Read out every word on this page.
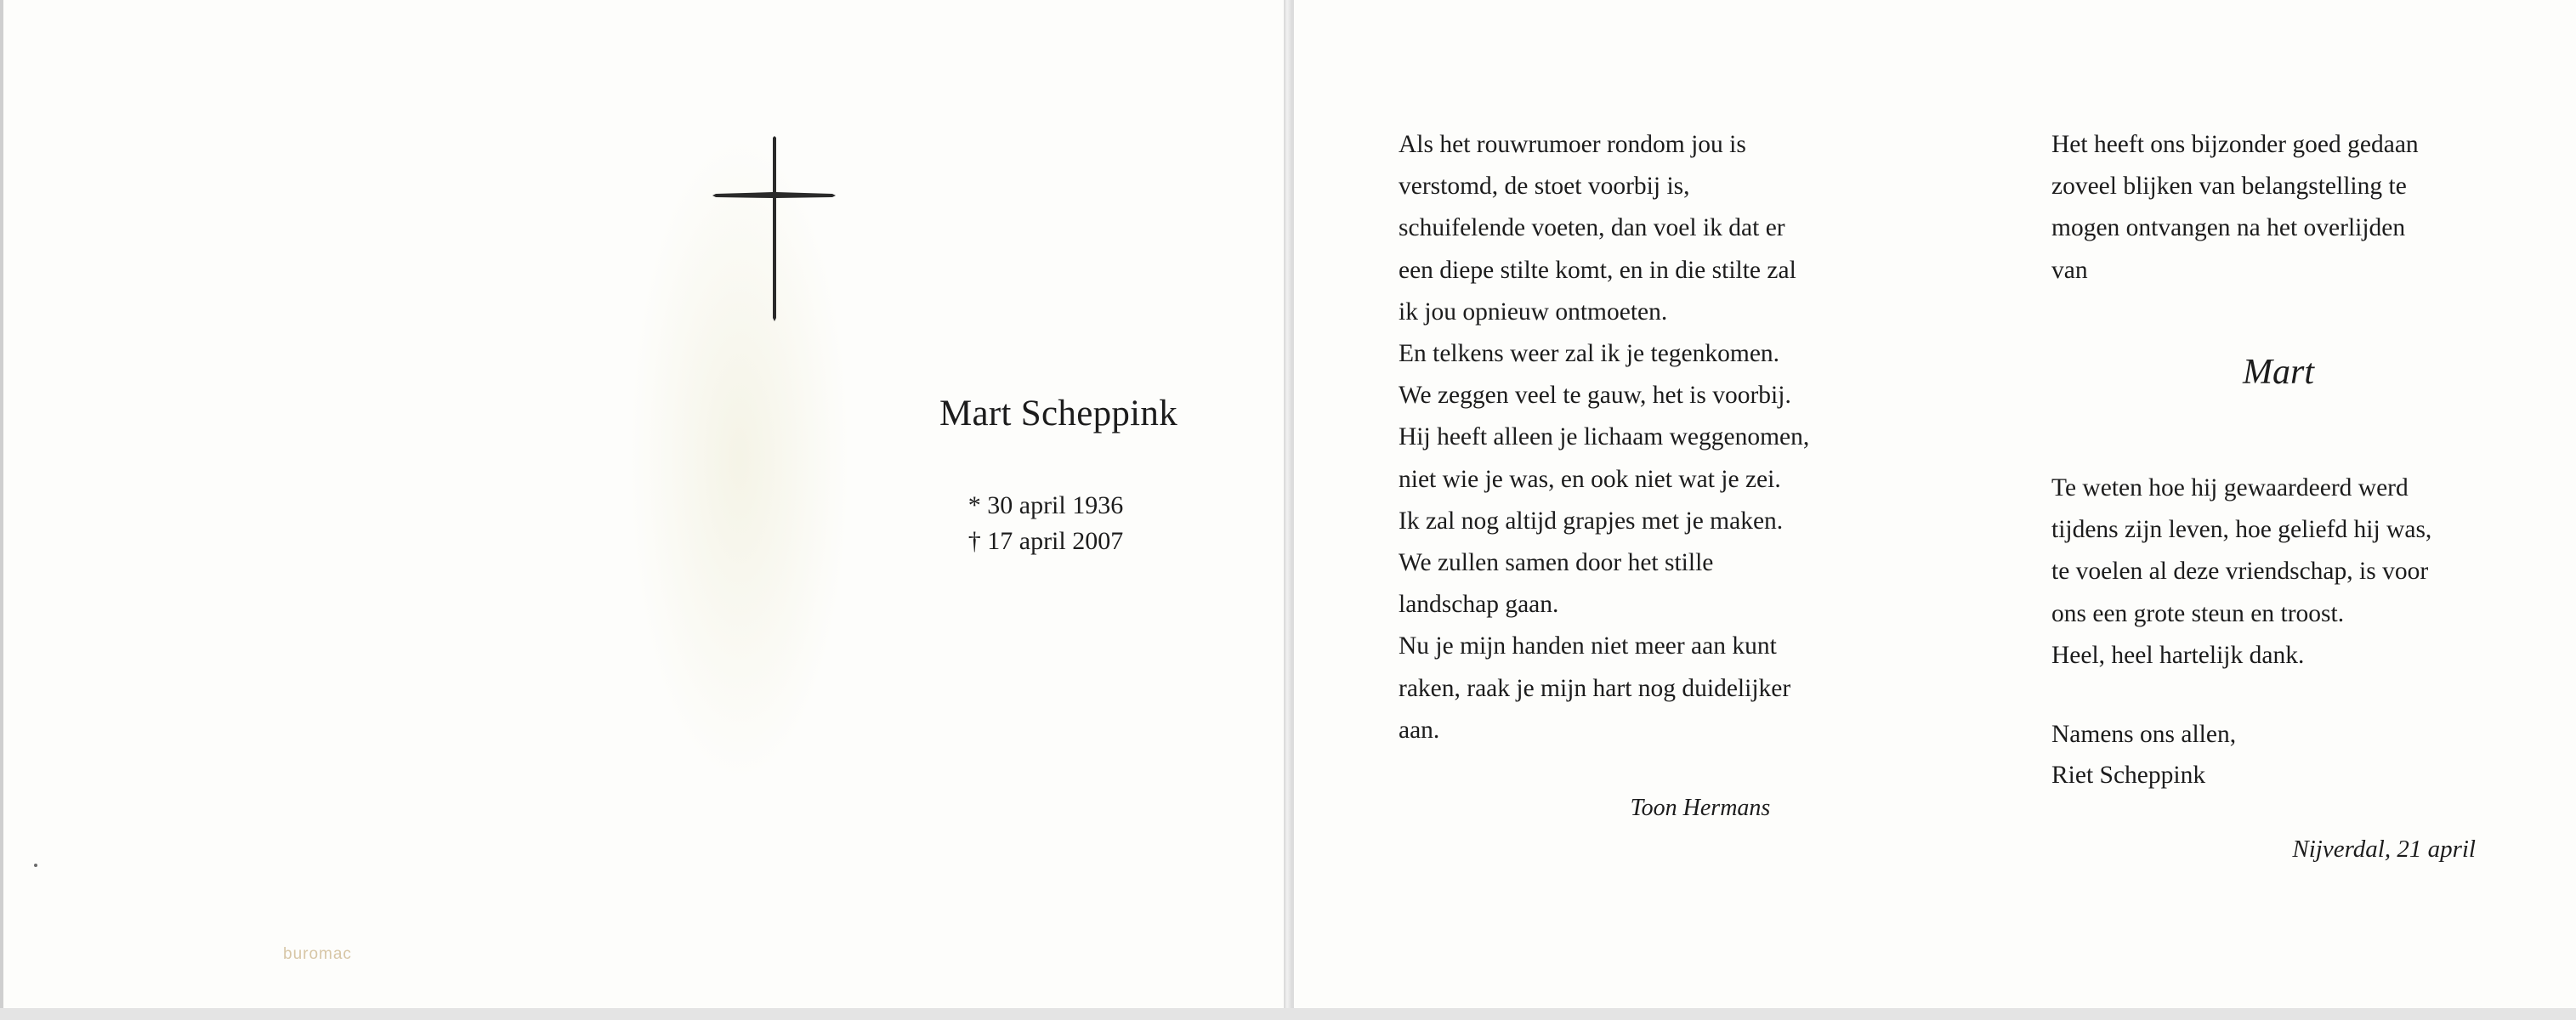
Mart Scheppink
* 30 april 1936
† 17 april 2007
buromac
Als het rouwrumoer rondom jou is
verstomd, de stoet voorbij is,
schuifelende voeten, dan voel ik dat er
een diepe stilte komt, en in die stilte zal
ik jou opnieuw ontmoeten.
En telkens weer zal ik je tegenkomen.
We zeggen veel te gauw, het is voorbij.
Hij heeft alleen je lichaam weggenomen,
niet wie je was, en ook niet wat je zei.
Ik zal nog altijd grapjes met je maken.
We zullen samen door het stille
landschap gaan.
Nu je mijn handen niet meer aan kunt
raken, raak je mijn hart nog duidelijker
aan.
Toon Hermans
Het heeft ons bijzonder goed gedaan
zoveel blijken van belangstelling te
mogen ontvangen na het overlijden
van
Mart
Te weten hoe hij gewaardeerd werd
tijdens zijn leven, hoe geliefd hij was,
te voelen al deze vriendschap, is voor
ons een grote steun en troost.
Heel, heel hartelijk dank.
Namens ons allen,
Riet Scheppink
Nijverdal, 21 april
